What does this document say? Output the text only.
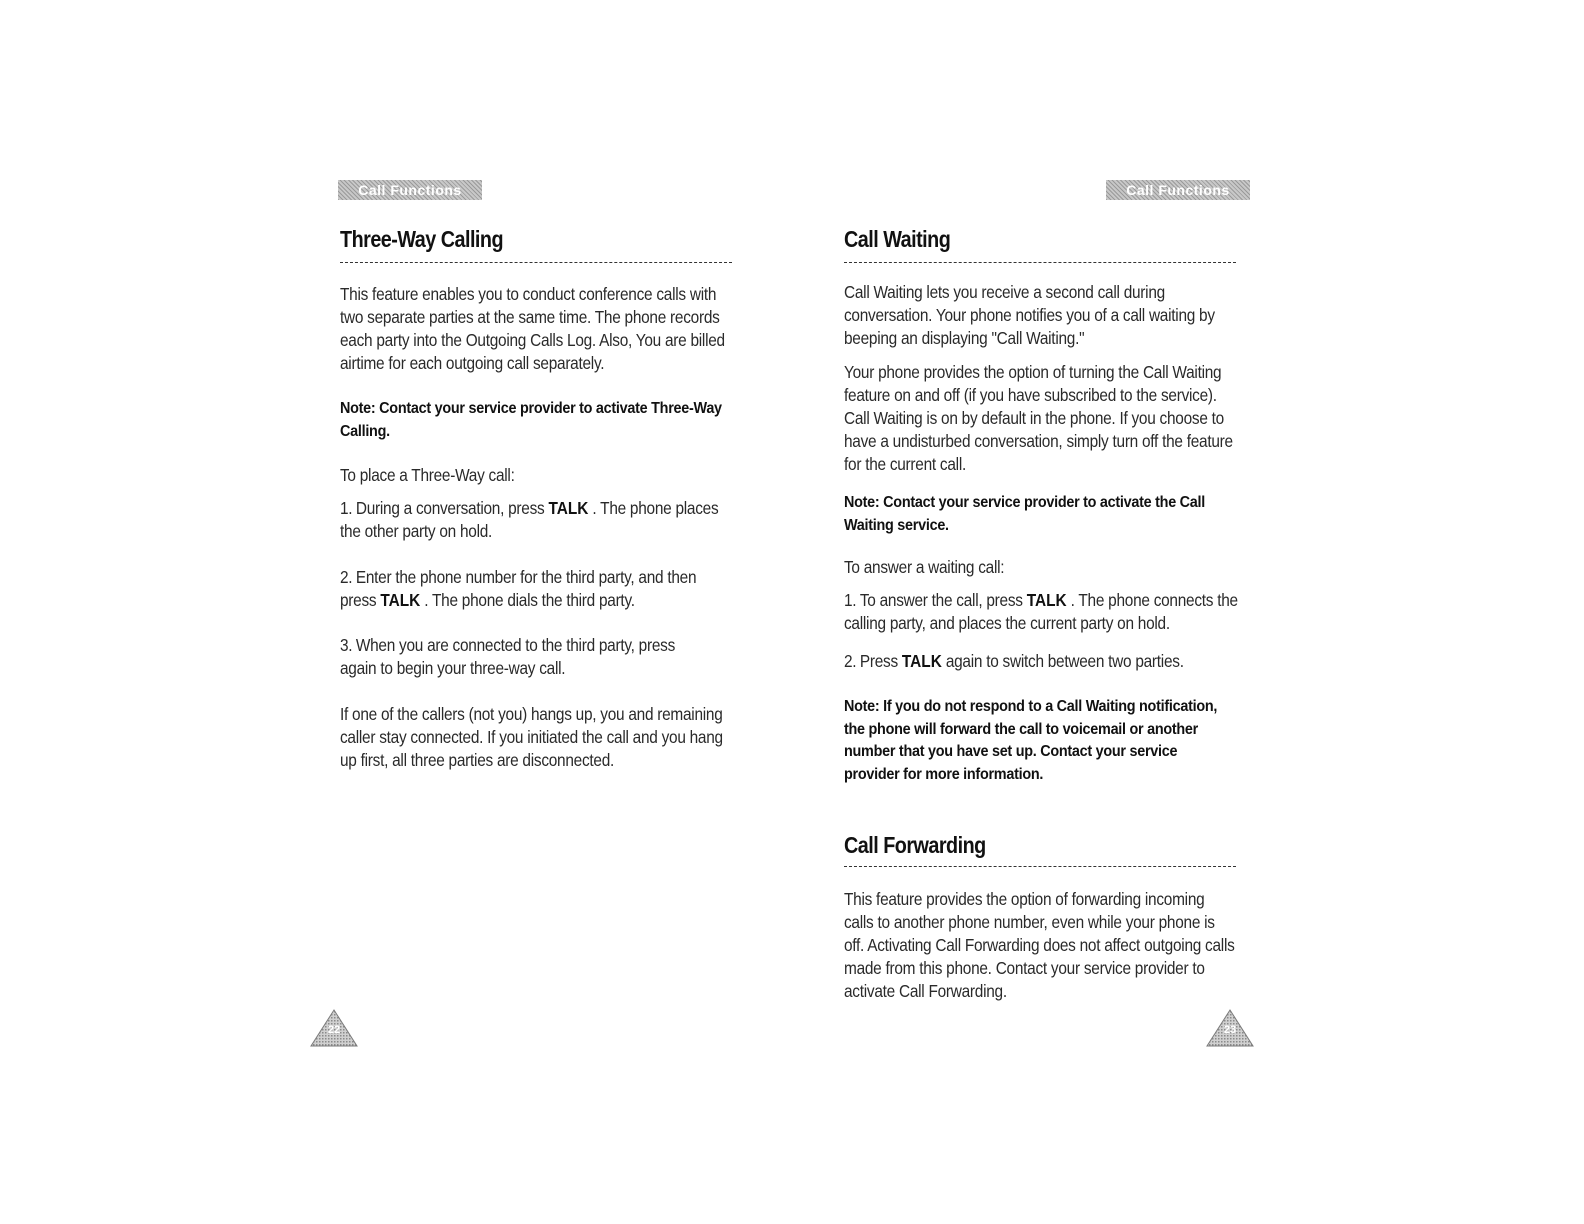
Call Functions	Call Functions
Three-Way Calling

This feature enables you to conduct conference calls with two separate parties at the same time. The phone records each party into the Outgoing Calls Log. Also, You are billed airtime for each outgoing call separately.

Note: Contact your service provider to activate Three-Way Calling.

To place a Three-Way call:

1. During a conversation, press TALK . The phone places the other party on hold.

2. Enter the phone number for the third party, and then press TALK . The phone dials the third party.

3. When you are connected to the third party, press again to begin your three-way call.

If one of the callers (not you) hangs up, you and remaining caller stay connected. If you initiated the call and you hang up first, all three parties are disconnected.

22
Call Waiting

Call Waiting lets you receive a second call during conversation. Your phone notifies you of a call waiting by beeping an displaying "Call Waiting."

Your phone provides the option of turning the Call Waiting feature on and off (if you have subscribed to the service). Call Waiting is on by default in the phone. If you choose to have a undisturbed conversation, simply turn off the feature for the current call.

Note: Contact your service provider to activate the Call Waiting service.

To answer a waiting call:

1. To answer the call, press TALK . The phone connects the calling party, and places the current party on hold.

2. Press TALK again to switch between two parties.

Note: If you do not respond to a Call Waiting notification, the phone will forward the call to voicemail or another number that you have set up. Contact your service provider for more information.

Call Forwarding

This feature provides the option of forwarding incoming calls to another phone number, even while your phone is off. Activating Call Forwarding does not affect outgoing calls made from this phone. Contact your service provider to activate Call Forwarding.

23
